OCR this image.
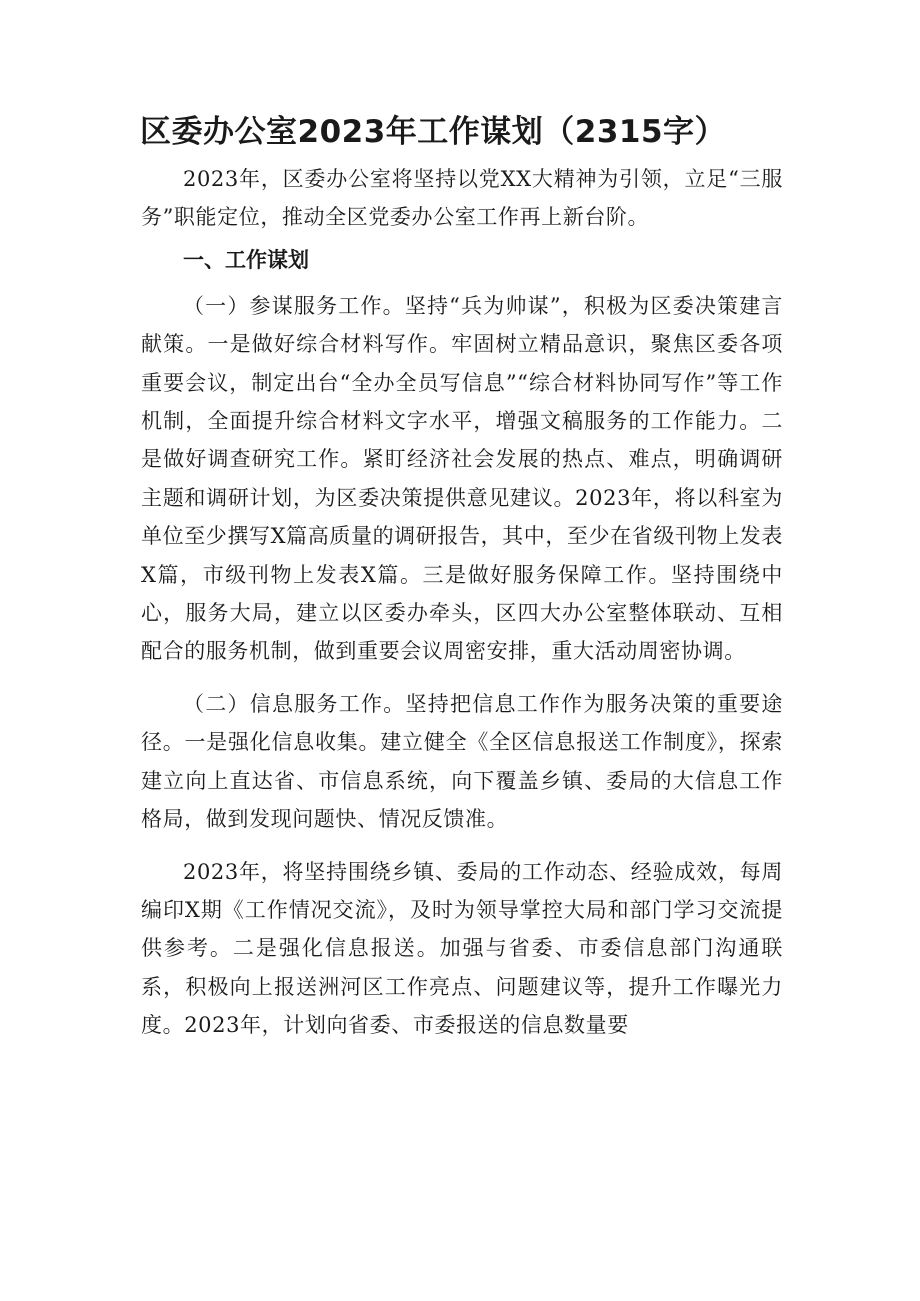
区委办公室2023年工作谋划（2315字）

2023年，区委办公室将坚持以党XX大精神为引领，立足“三服务”职能定位，推动全区党委办公室工作再上新台阶。

一、工作谋划

（一）参谋服务工作。坚持“兵为帅谋”，积极为区委决策建言献策。一是做好综合材料写作。牢固树立精品意识，聚焦区委各项重要会议，制定出台“全办全员写信息”“综合材料协同写作”等工作机制，全面提升综合材料文字水平，增强文稿服务的工作能力。二是做好调查研究工作。紧盯经济社会发展的热点、难点，明确调研主题和调研计划，为区委决策提供意见建议。2023年，将以科室为单位至少撰写X篇高质量的调研报告，其中，至少在省级刊物上发表X篇，市级刊物上发表X篇。三是做好服务保障工作。坚持围绕中心，服务大局，建立以区委办牵头，区四大办公室整体联动、互相配合的服务机制，做到重要会议周密安排，重大活动周密协调。

（二）信息服务工作。坚持把信息工作作为服务决策的重要途径。一是强化信息收集。建立健全《全区信息报送工作制度》，探索建立向上直达省、市信息系统，向下覆盖乡镇、委局的大信息工作格局，做到发现问题快、情况反馈准。

2023年，将坚持围绕乡镇、委局的工作动态、经验成效，每周编印X期《工作情况交流》，及时为领导掌控大局和部门学习交流提供参考。二是强化信息报送。加强与省委、市委信息部门沟通联系，积极向上报送洲河区工作亮点、问题建议等，提升工作曝光力度。2023年，计划向省委、市委报送的信息数量要
